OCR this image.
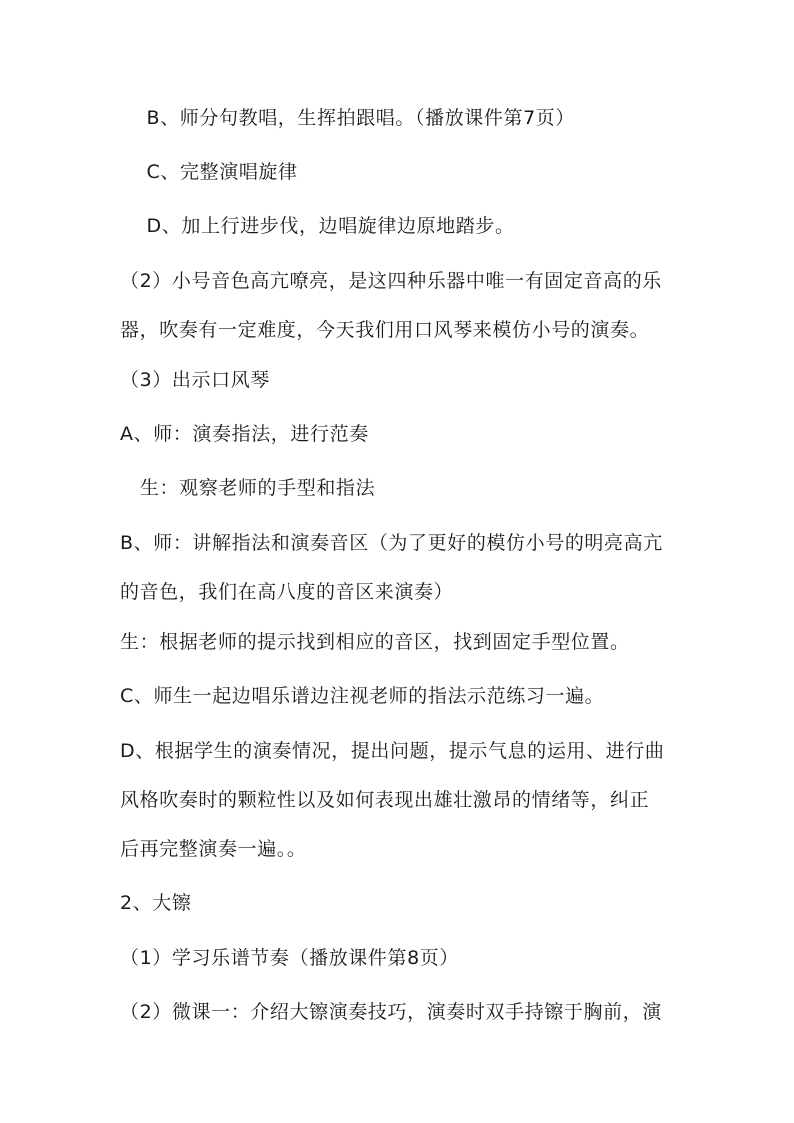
B、师分句教唱，生挥拍跟唱。（播放课件第7页）
C、完整演唱旋律
D、加上行进步伐，边唱旋律边原地踏步。
（2）小号音色高亢嘹亮，是这四种乐器中唯一有固定音高的乐
器，吹奏有一定难度，今天我们用口风琴来模仿小号的演奏。
（3）出示口风琴
A、师：演奏指法，进行范奏
生：观察老师的手型和指法
B、师：讲解指法和演奏音区（为了更好的模仿小号的明亮高亢
的音色，我们在高八度的音区来演奏）
生：根据老师的提示找到相应的音区，找到固定手型位置。
C、师生一起边唱乐谱边注视老师的指法示范练习一遍。
D、根据学生的演奏情况，提出问题，提示气息的运用、进行曲
风格吹奏时的颗粒性以及如何表现出雄壮激昂的情绪等，纠正
后再完整演奏一遍。。
2、大镲
（1）学习乐谱节奏（播放课件第8页）
（2）微课一：介绍大镲演奏技巧，演奏时双手持镲于胸前，演
